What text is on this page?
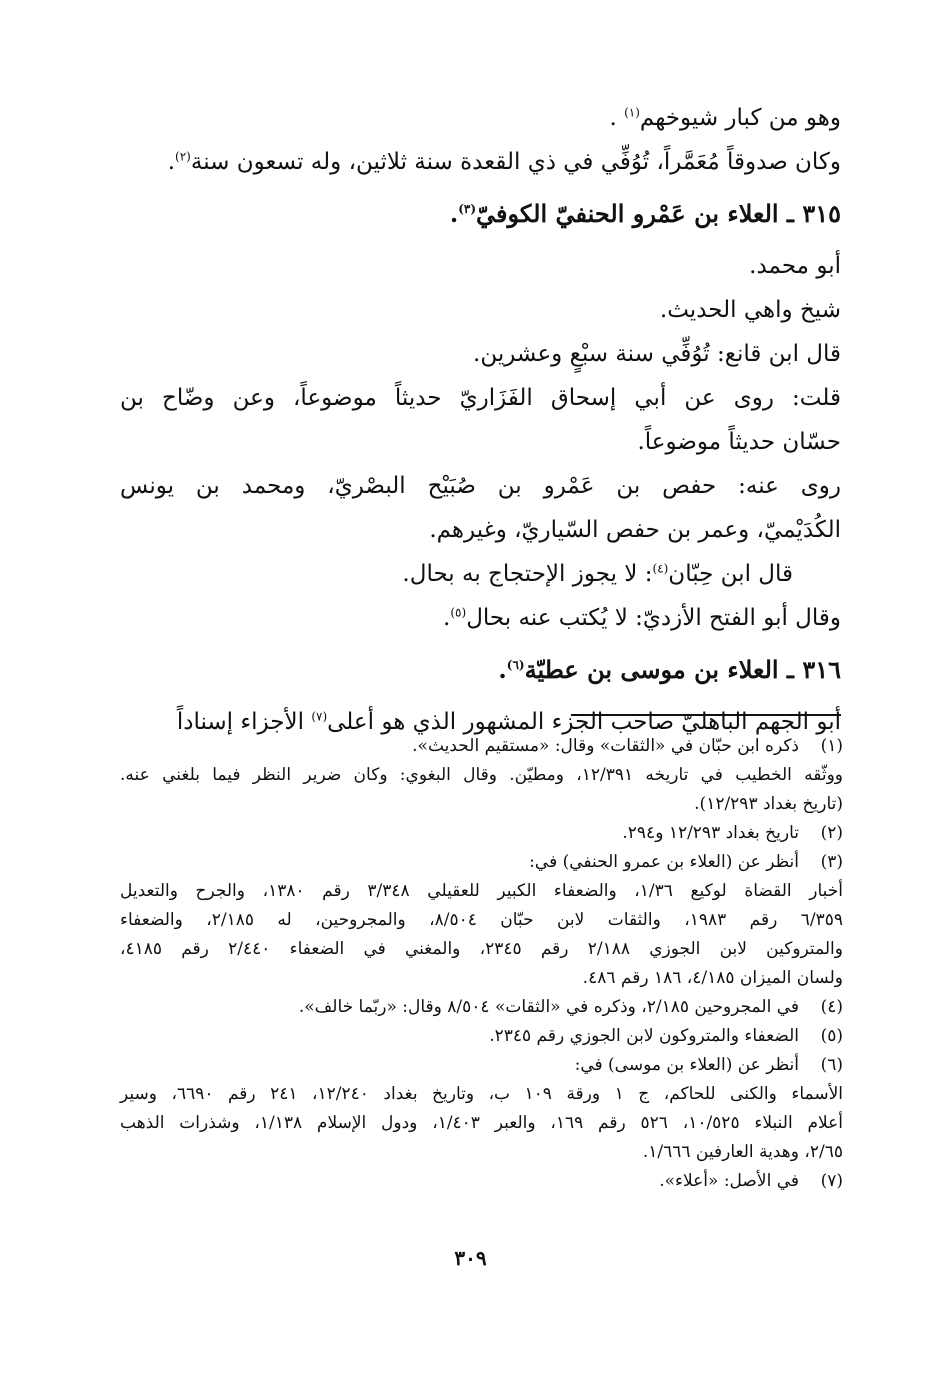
وهو من كبار شيوخهم$^{(١)}$ .
وكان صدوقاً مُعَمَّراً، تُوُفِّي في ذي القعدة سنة ثلاثين، وله تسعون سنة$^{(٢)}$.
٣١٥ ـ العلاء بن عَمْرو الحنفيّ الكوفيّ$^{(٣)}$.
أبو محمد.
شيخ واهي الحديث.
قال ابن قانع: تُوُفِّي سنة سبْعٍ وعشرين.
قلت: روى عن أبي إسحاق الفَزَاريّ حديثاً موضوعاً، وعن وضّاح بن
حسّان حديثاً موضوعاً.
روى عنه: حفص بن عَمْرو بن صُبَيْح البصْريّ، ومحمد بن يونس
الكُدَيْميّ، وعمر بن حفص السّياريّ، وغيرهم.
قال ابن حِبّان$^{(٤)}$: لا يجوز الإحتجاج به بحال.
وقال أبو الفتح الأزديّ: لا يُكتب عنه بحال$^{(٥)}$.
٣١٦ ـ العلاء بن موسى بن عطيّة$^{(٦)}$.
أبو الجهم الباهليّ صاحب الجزء المشهور الذي هو أعلى$^{(٧)}$ الأجزاء إسناداً
(١)
ذكره ابن حبّان في «الثقات» وقال: «مستقيم الحديث».
ووثّقه الخطيب في تاريخه ١٢/٣٩١، ومطيّن. وقال البغوي: وكان ضرير النظر فيما بلغني عنه.
(تاريخ بغداد ١٢/٢٩٣).
(٢)
تاريخ بغداد ١٢/٢٩٣ و٢٩٤.
(٣)
أنظر عن (العلاء بن عمرو الحنفي) في:
أخبار القضاة لوكيع ١/٣٦، والضعفاء الكبير للعقيلي ٣/٣٤٨ رقم ١٣٨٠، والجرح والتعديل
٦/٣٥٩ رقم ١٩٨٣، والثقات لابن حبّان ٨/٥٠٤، والمجروحين، له ٢/١٨٥، والضعفاء
والمتروكين لابن الجوزي ٢/١٨٨ رقم ٢٣٤٥، والمغني في الضعفاء ٢/٤٤٠ رقم ٤١٨٥،
ولسان الميزان ٤/١٨٥، ١٨٦ رقم ٤٨٦.
(٤)
في المجروحين ٢/١٨٥، وذكره في «الثقات» ٨/٥٠٤ وقال: «ربّما خالف».
(٥)
الضعفاء والمتروكون لابن الجوزي رقم ٢٣٤٥.
(٦)
أنظر عن (العلاء بن موسى) في:
الأسماء والكنى للحاكم، ج ١ ورقة ١٠٩ ب، وتاريخ بغداد ١٢/٢٤٠، ٢٤١ رقم ٦٦٩٠، وسير
أعلام النبلاء ١٠/٥٢٥، ٥٢٦ رقم ١٦٩، والعبر ١/٤٠٣، ودول الإسلام ١/١٣٨، وشذرات الذهب
٢/٦٥، وهدية العارفين ١/٦٦٦.
(٧)
في الأصل: «أعلاء».
٣٠٩
